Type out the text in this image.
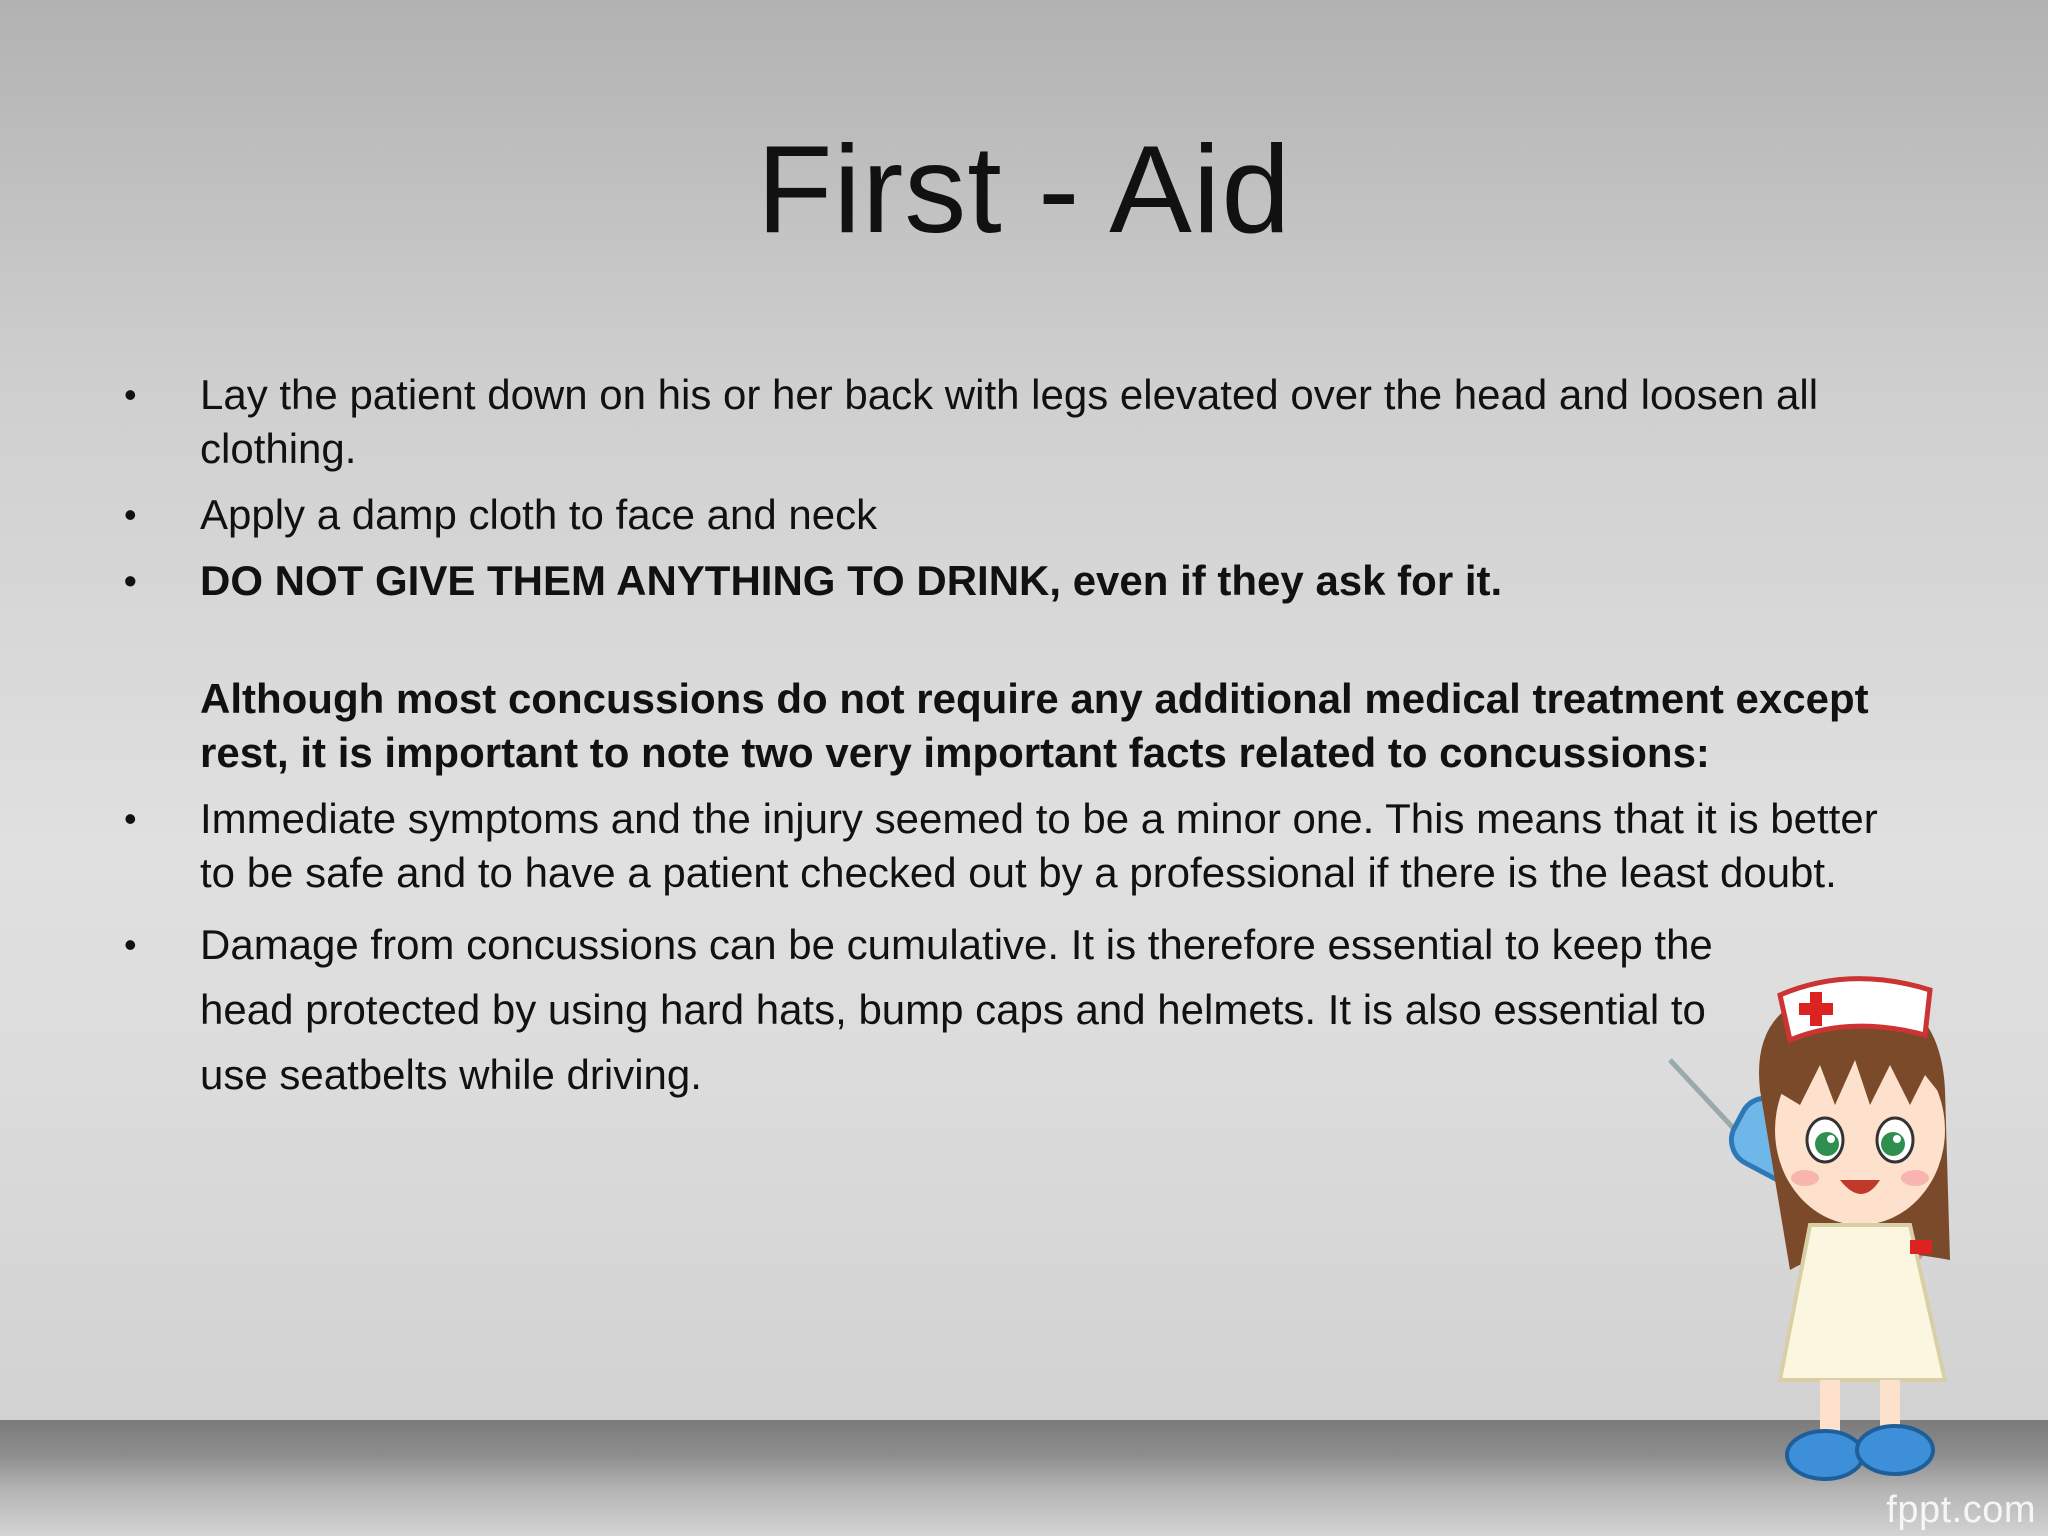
First - Aid
• Lay the patient down on his or her back with legs elevated over the head and loosen all clothing.
• Apply a damp cloth to face and neck
• DO NOT GIVE THEM ANYTHING TO DRINK, even if they ask for it.
Although most concussions do not require any additional medical treatment except rest, it is important to note two very important facts related to concussions:
• Immediate symptoms and the injury seemed to be a minor one. This means that it is better to be safe and to have a patient checked out by a professional if there is the least doubt.
• Damage from concussions can be cumulative. It is therefore essential to keep the head protected by using hard hats, bump caps and helmets. It is also essential to use seatbelts while driving.
fppt.com
